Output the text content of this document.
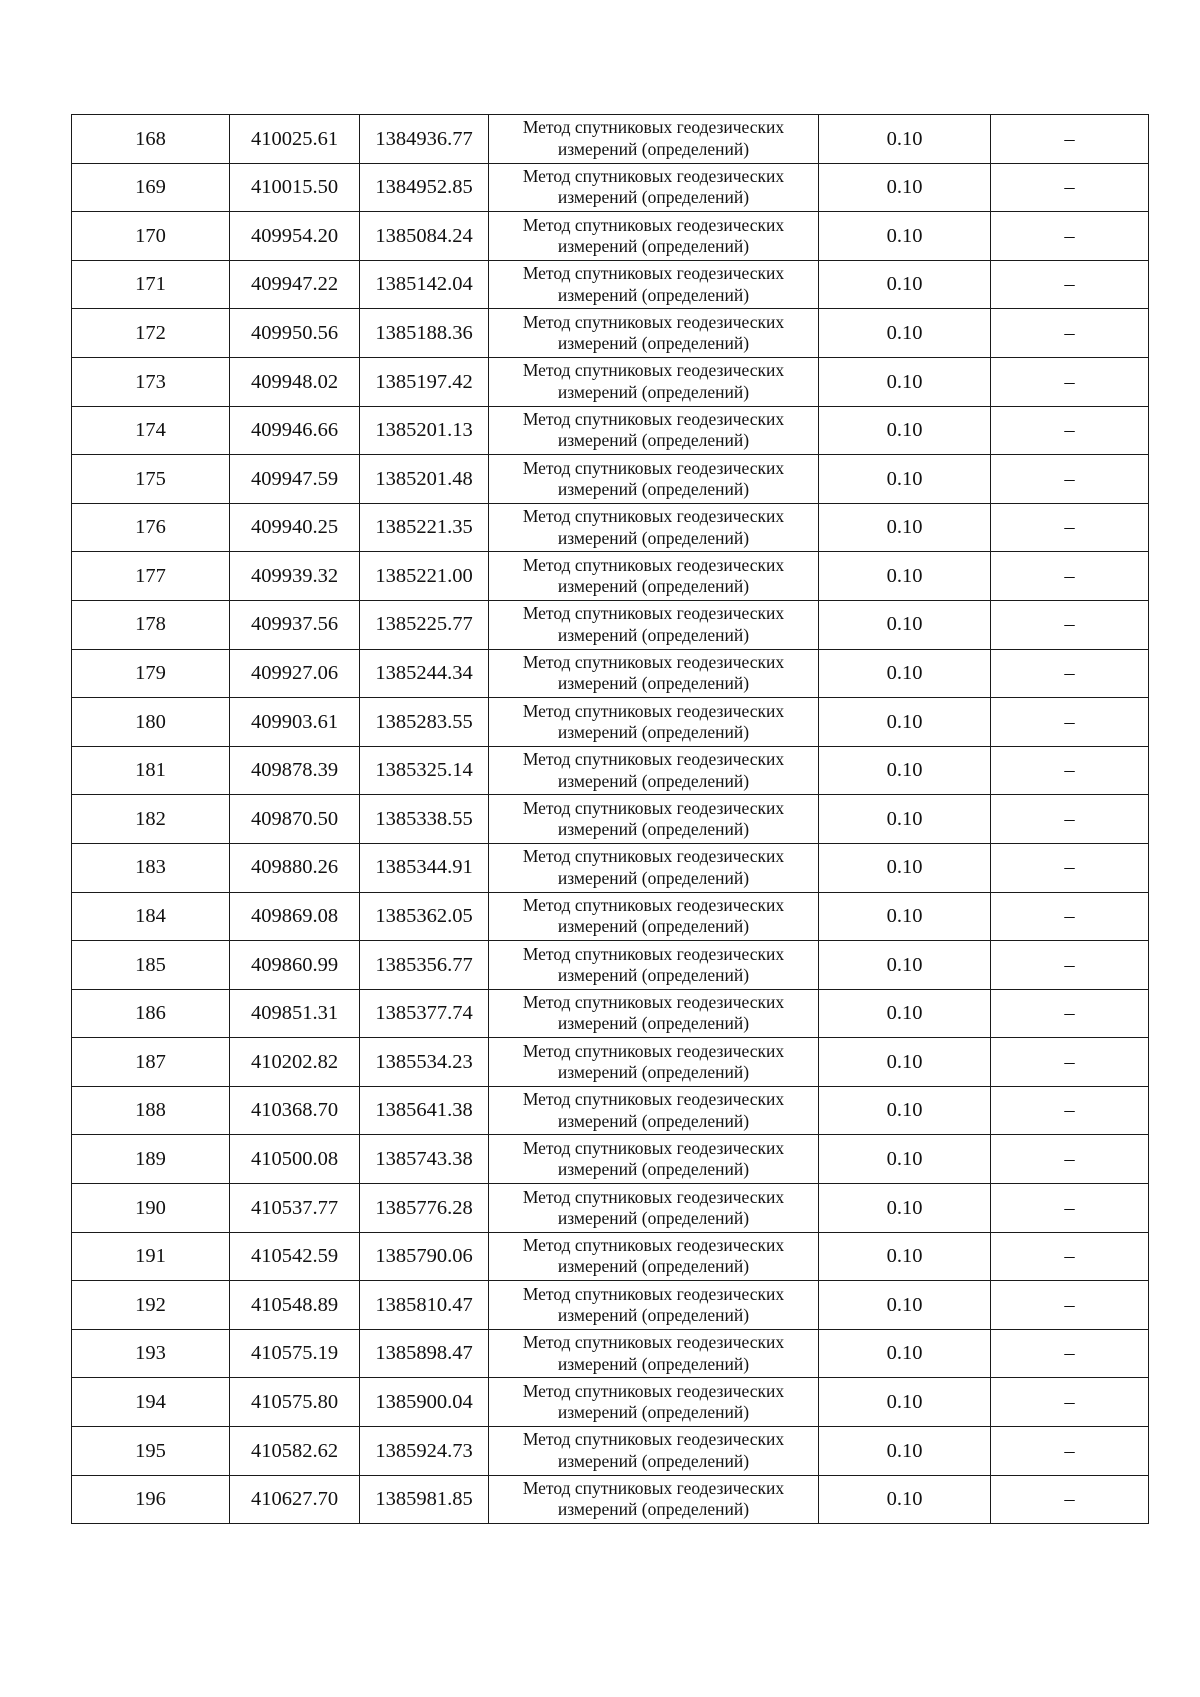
168	410025.61	1384936.77	Метод спутниковых геодезических
измерений (определений)	0.10	–
169	410015.50	1384952.85	Метод спутниковых геодезических
измерений (определений)	0.10	–
170	409954.20	1385084.24	Метод спутниковых геодезических
измерений (определений)	0.10	–
171	409947.22	1385142.04	Метод спутниковых геодезических
измерений (определений)	0.10	–
172	409950.56	1385188.36	Метод спутниковых геодезических
измерений (определений)	0.10	–
173	409948.02	1385197.42	Метод спутниковых геодезических
измерений (определений)	0.10	–
174	409946.66	1385201.13	Метод спутниковых геодезических
измерений (определений)	0.10	–
175	409947.59	1385201.48	Метод спутниковых геодезических
измерений (определений)	0.10	–
176	409940.25	1385221.35	Метод спутниковых геодезических
измерений (определений)	0.10	–
177	409939.32	1385221.00	Метод спутниковых геодезических
измерений (определений)	0.10	–
178	409937.56	1385225.77	Метод спутниковых геодезических
измерений (определений)	0.10	–
179	409927.06	1385244.34	Метод спутниковых геодезических
измерений (определений)	0.10	–
180	409903.61	1385283.55	Метод спутниковых геодезических
измерений (определений)	0.10	–
181	409878.39	1385325.14	Метод спутниковых геодезических
измерений (определений)	0.10	–
182	409870.50	1385338.55	Метод спутниковых геодезических
измерений (определений)	0.10	–
183	409880.26	1385344.91	Метод спутниковых геодезических
измерений (определений)	0.10	–
184	409869.08	1385362.05	Метод спутниковых геодезических
измерений (определений)	0.10	–
185	409860.99	1385356.77	Метод спутниковых геодезических
измерений (определений)	0.10	–
186	409851.31	1385377.74	Метод спутниковых геодезических
измерений (определений)	0.10	–
187	410202.82	1385534.23	Метод спутниковых геодезических
измерений (определений)	0.10	–
188	410368.70	1385641.38	Метод спутниковых геодезических
измерений (определений)	0.10	–
189	410500.08	1385743.38	Метод спутниковых геодезических
измерений (определений)	0.10	–
190	410537.77	1385776.28	Метод спутниковых геодезических
измерений (определений)	0.10	–
191	410542.59	1385790.06	Метод спутниковых геодезических
измерений (определений)	0.10	–
192	410548.89	1385810.47	Метод спутниковых геодезических
измерений (определений)	0.10	–
193	410575.19	1385898.47	Метод спутниковых геодезических
измерений (определений)	0.10	–
194	410575.80	1385900.04	Метод спутниковых геодезических
измерений (определений)	0.10	–
195	410582.62	1385924.73	Метод спутниковых геодезических
измерений (определений)	0.10	–
196	410627.70	1385981.85	Метод спутниковых геодезических
измерений (определений)	0.10	–
